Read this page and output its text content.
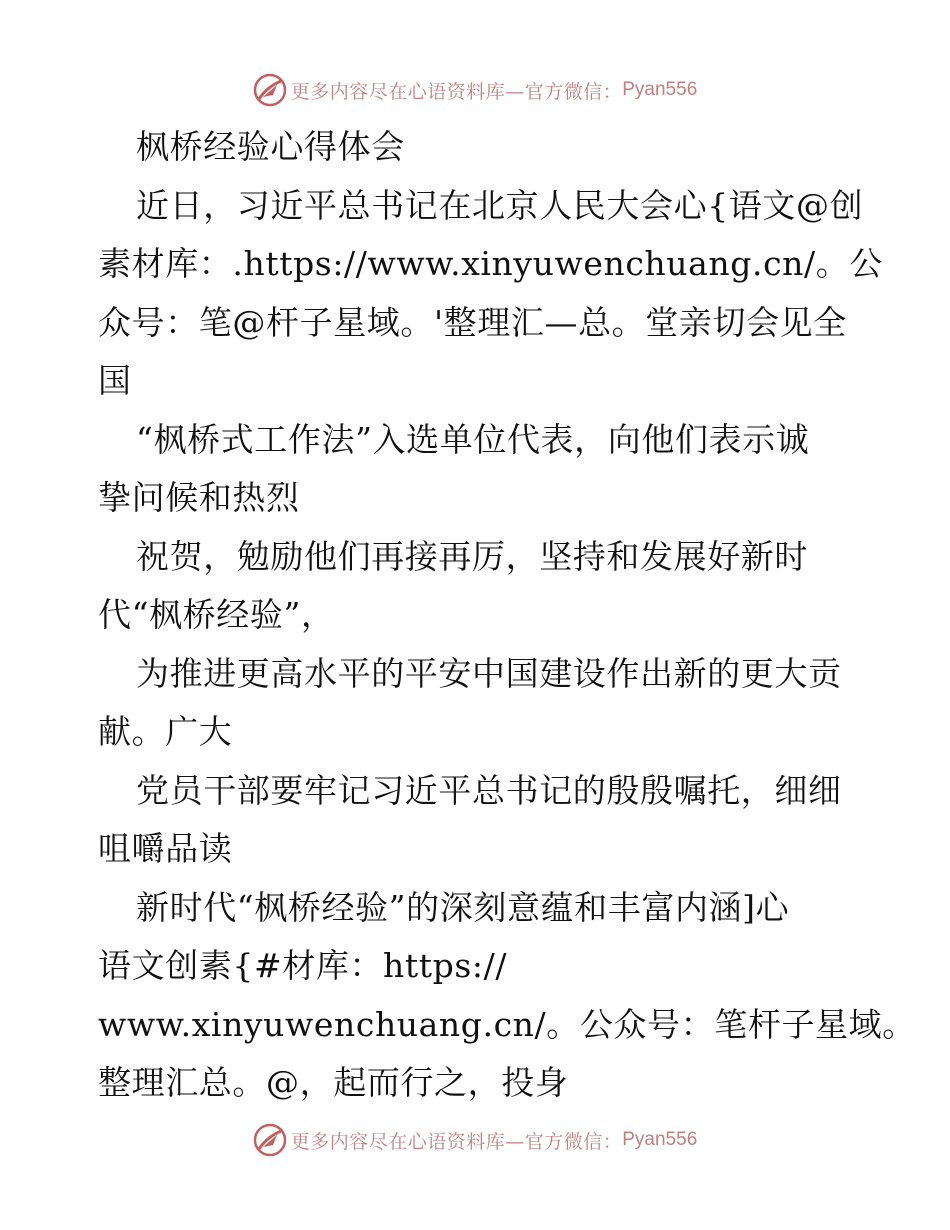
更多内容尽在心语资料库—官方微信： Pyan556
枫桥经验心得体会
近日，习近平总书记在北京人民大会心{语文@创
素材库：.https://www.xinyuwenchuang.cn/。公
众号：笔@杆子星域。'整理汇—总。堂亲切会见全
国
“枫桥式工作法”入选单位代表，向他们表示诚
挚问候和热烈
祝贺，勉励他们再接再厉，坚持和发展好新时
代“枫桥经验”，
为推进更高水平的平安中国建设作出新的更大贡
献。广大
党员干部要牢记习近平总书记的殷殷嘱托，细细
咀嚼品读
新时代“枫桥经验”的深刻意蕴和丰富内涵]心
语文创素{#材库：https://
www.xinyuwenchuang.cn/。公众号：笔杆子星域。
整理汇总。@，起而行之，投身
更多内容尽在心语资料库—官方微信： Pyan556
